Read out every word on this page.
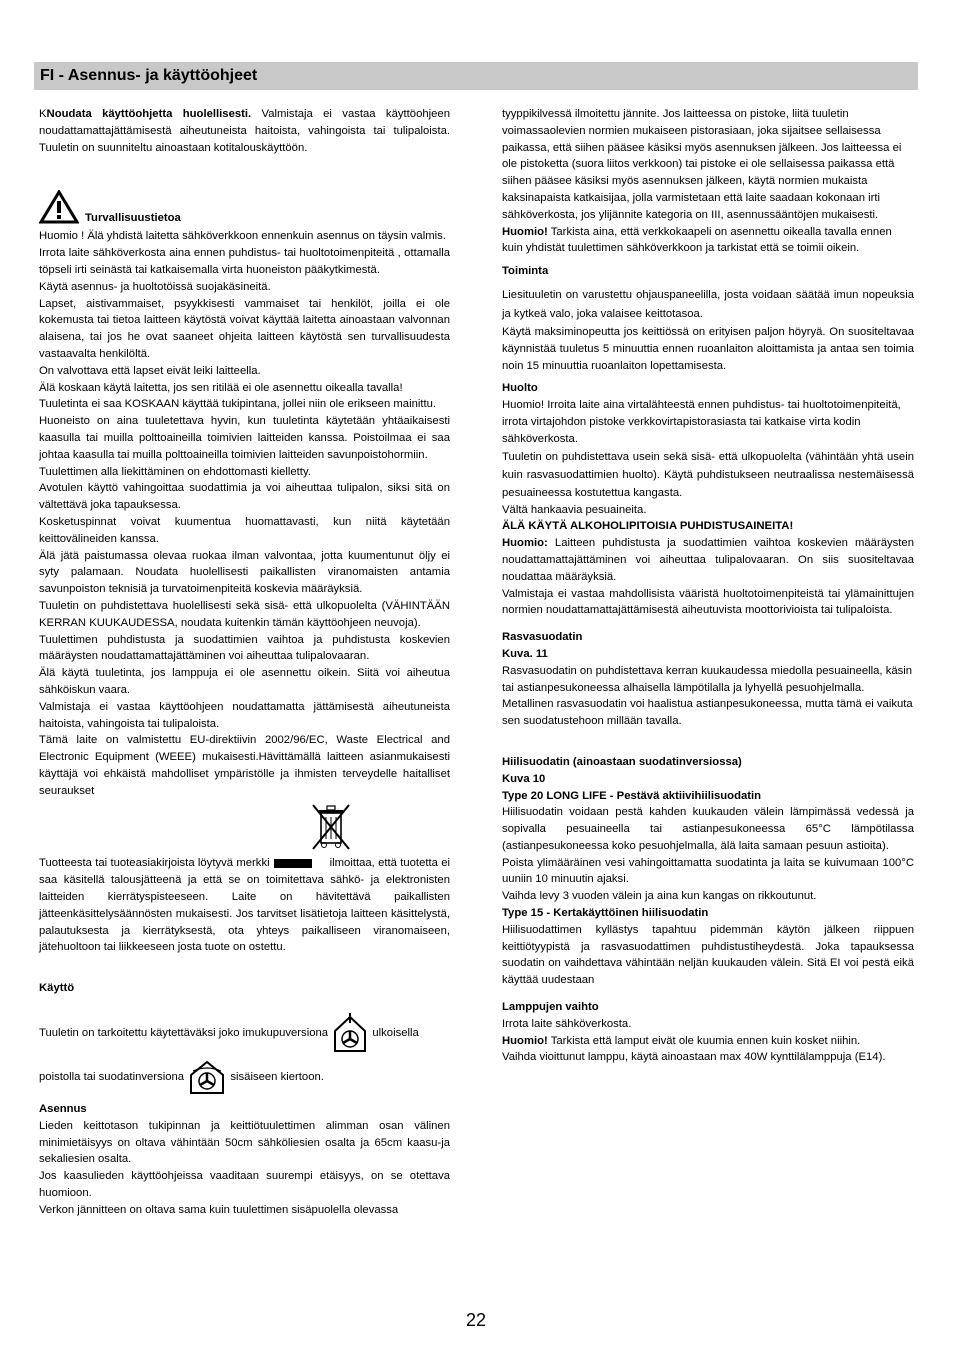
FI - Asennus- ja käyttöohjeet

KNoudata käyttöohjetta huolellisesti. Valmistaja ei vastaa käyttöohjeen noudattamattajättämisestä aiheutuneista haitoista, vahingoista tai tulipaloista. Tuuletin on suunniteltu ainoastaan kotitalouskäyttöön.

Turvallisuustietoa

Huomio ! Älä yhdistä laitetta sähköverkkoon ennenkuin asennus on täysin valmis.

Irrota laite sähköverkosta aina ennen puhdistus- tai huoltotoimenpiteitä , ottamalla töpseli irti seinästä tai katkaisemalla virta huoneiston pääkytkimestä.

Käytä asennus- ja huoltotöissä suojakäsineitä.

Lapset, aistivammaiset, psyykkisesti vammaiset tai henkilöt, joilla ei ole kokemusta tai tietoa laitteen käytöstä voivat käyttää laitetta ainoastaan valvonnan alaisena, tai jos he ovat saaneet ohjeita laitteen käytöstä sen turvallisuudesta vastaavalta henkilöltä.

On valvottava että lapset eivät leiki laitteella.

Älä koskaan käytä laitetta, jos sen ritilää ei ole asennettu oikealla tavalla!

Tuuletinta ei saa KOSKAAN käyttää tukipintana, jollei niin ole erikseen mainittu.

Huoneisto on aina tuuletettava hyvin, kun tuuletinta käytetään yhtäaikaisesti kaasulla tai muilla polttoaineilla toimivien laitteiden kanssa. Poistoilmaa ei saa johtaa kaasulla tai muilla polttoaineilla toimivien laitteiden savunpoistohormiin.

Tuulettimen alla liekittäminen on ehdottomasti kielletty.

Avotulen käyttö vahingoittaa suodattimia ja voi aiheuttaa tulipalon, siksi sitä on vältettävä joka tapauksessa.

Kosketuspinnat voivat kuumentua huomattavasti, kun niitä käytetään keittovälineiden kanssa.

Älä jätä paistumassa olevaa ruokaa ilman valvontaa, jotta kuumentunut öljy ei syty palamaan. Noudata huolellisesti paikallisten viranomaisten antamia savunpoiston teknisiä ja turvatoimenpiteitä koskevia määräyksiä.

Tuuletin on puhdistettava huolellisesti sekä sisä- että ulkopuolelta (VÄHINTÄÄN KERRAN KUUKAUDESSA, noudata kuitenkin tämän käyttöohjeen neuvoja).

Tuulettimen puhdistusta ja suodattimien vaihtoa ja puhdistusta koskevien määräysten noudattamattajättäminen voi aiheuttaa tulipalovaaran.

Älä käytä tuuletinta, jos lamppuja ei ole asennettu oikein. Siitä voi aiheutua sähköiskun vaara.

Valmistaja ei vastaa käyttöohjeen noudattamatta jättämisestä aiheutuneista haitoista, vahingoista tai tulipaloista.

Tämä laite on valmistettu EU-direktiivin 2002/96/EC, Waste Electrical and Electronic Equipment (WEEE) mukaisesti.Hävittämällä laitteen asianmukaisesti käyttäjä voi ehkäistä mahdolliset ympäristölle ja ihmisten terveydelle haitalliset seuraukset

Tuotteesta tai tuoteasiakirjoista löytyvä merkki	ilmoittaa, että tuotetta ei saa käsitellä talousjätteenä ja että se on toimitettava sähkö- ja elektronisten laitteiden kierrätyspisteeseen. Laite on hävitettävä paikallisten jätteenkäsittelysäännösten mukaisesti. Jos tarvitset lisätietoja laitteen käsittelystä, palautuksesta ja kierrätyksestä, ota yhteys paikalliseen viranomaiseen, jätehuoltoon tai liikkeeseen josta tuote on ostettu.

Käyttö

Tuuletin on tarkoitettu käytettäväksi joko imukupuversiona	ulkoisella

poistolla tai suodatinversiona	sisäiseen kiertoon.

Asennus

Lieden keittotason tukipinnan ja keittiötuulettimen alimman osan välinen minimietäisyys on oltava vähintään 50cm sähköliesien osalta ja 65cm kaasu-ja sekaliesien osalta.

Jos kaasulieden käyttöohjeissa vaaditaan suurempi etäisyys, on se otettava huomioon.

Verkon jännitteen on oltava sama kuin tuulettimen sisäpuolella olevassa

tyyppikilvessä ilmoitettu jännite. Jos laitteessa on pistoke, liitä tuuletin voimassaolevien normien mukaiseen pistorasiaan, joka sijaitsee sellaisessa paikassa, että siihen pääsee käsiksi myös asennuksen jälkeen. Jos laitteessa ei ole pistoketta (suora liitos verkkoon) tai pistoke ei ole sellaisessa paikassa että siihen pääsee käsiksi myös asennuksen jälkeen, käytä normien mukaista kaksinapaista katkaisijaa, jolla varmistetaan että laite saadaan kokonaan irti sähköverkosta, jos ylijännite kategoria on III, asennussääntöjen mukaisesti.

Huomio! Tarkista aina, että verkkokaapeli on asennettu oikealla tavalla ennen kuin yhdistät tuulettimen sähköverkkoon ja tarkistat että se toimii oikein.

Toiminta

Liesituuletin on varustettu ohjauspaneelilla, josta voidaan säätää imun nopeuksia ja kytkeä valo, joka valaisee keittotasoa.

Käytä maksiminopeutta jos keittiössä on erityisen paljon höyryä. On suositeltavaa käynnistää tuuletus 5 minuuttia ennen ruoanlaiton aloittamista ja antaa sen toimia noin 15 minuuttia ruoanlaiton lopettamisesta.

Huolto

Huomio! Irroita laite aina virtalähteestä ennen puhdistus- tai huoltotoimenpiteitä, irrota virtajohdon pistoke verkkovirtapistorasiasta tai katkaise virta kodin sähköverkosta.

Tuuletin on puhdistettava usein sekä sisä- että ulkopuolelta (vähintään yhtä usein kuin rasvasuodattimien huolto). Käytä puhdistukseen neutraalissa nestemäisessä pesuaineessa kostutettua kangasta.

Vältä hankaavia pesuaineita.

ÄLÄ KÄYTÄ ALKOHOLIPITOISIA PUHDISTUSAINEITA!

Huomio: Laitteen puhdistusta ja suodattimien vaihtoa koskevien määräysten noudattamattajättäminen voi aiheuttaa tulipalovaaran. On siis suositeltavaa noudattaa määräyksiä.

Valmistaja ei vastaa mahdollisista vääristä huoltotoimenpiteistä tai ylämainittujen normien noudattamattajättämisestä aiheutuvista moottorivioista tai tulipaloista.

Rasvasuodatin

Kuva. 11

Rasvasuodatin on puhdistettava kerran kuukaudessa miedolla pesuaineella, käsin tai astianpesukoneessa alhaisella lämpötilalla ja lyhyellä pesuohjelmalla.

Metallinen rasvasuodatin voi haalistua astianpesukoneessa, mutta tämä ei vaikuta sen suodatustehoon millään tavalla.

Hiilisuodatin (ainoastaan suodatinversiossa)

Kuva 10

Type 20 LONG LIFE - Pestävä aktiivihiilisuodatin

Hiilisuodatin voidaan pestä kahden kuukauden välein lämpimässä vedessä ja sopivalla pesuaineella tai astianpesukoneessa 65°C lämpötilassa (astianpesukoneessa koko pesuohjelmalla, älä laita samaan pesuun astioita).

Poista ylimääräinen vesi vahingoittamatta suodatinta ja laita se kuivumaan 100°C uuniin 10 minuutin ajaksi.

Vaihda levy 3 vuoden välein ja aina kun kangas on rikkoutunut.

Type 15 - Kertakäyttöinen hiilisuodatin

Hiilisuodattimen kyllästys tapahtuu pidemmän käytön jälkeen riippuen keittiötyypistä ja rasvasuodattimen puhdistustiheydestä. Joka tapauksessa suodatin on vaihdettava vähintään neljän kuukauden välein. Sitä EI voi pestä eikä käyttää uudestaan

Lamppujen vaihto

Irrota laite sähköverkosta.

Huomio! Tarkista että lamput eivät ole kuumia ennen kuin kosket niihin.

Vaihda vioittunut lamppu, käytä ainoastaan max 40W kynttilälamppuja (E14).

22
